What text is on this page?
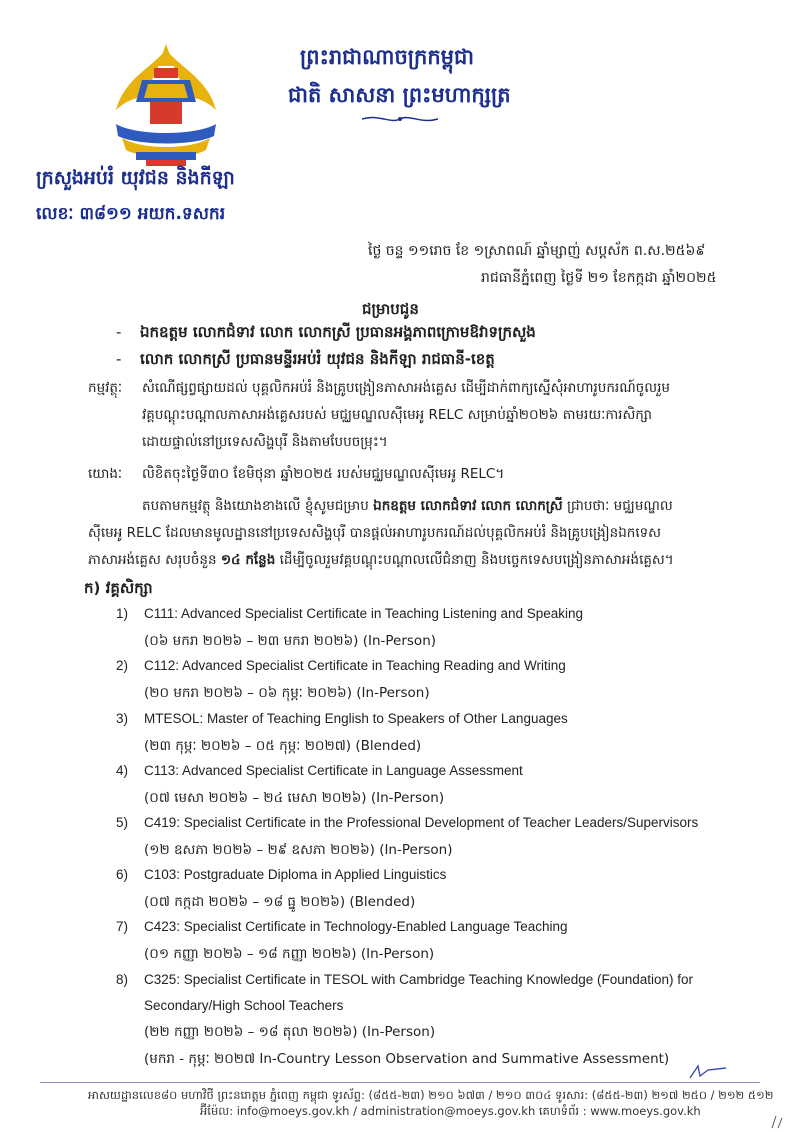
ព្រះរាជាណាចក្រកម្ពុជា
ជាតិ សាសនា ព្រះមហាក្សត្រ
ក្រសួងអប់រំ យុវជន និងកីឡា
លេខៈ ៣៨១១ អយក.ទសករ
ថ្ងៃ ចន្ទ ១១រោច ខែ ១ស្រាពណ៍ ឆ្នាំម្សាញ់ សប្តស័ក ព.ស.២៥៦៩
រាជធានីភ្នំពេញ ថ្ងៃទី ២១ ខែកក្កដា ឆ្នាំ២០២៥
ជម្រាបជូន
- ឯកឧត្តម លោកជំទាវ លោក លោកស្រី ប្រធានអង្គភាពក្រោមឱវាទក្រសួង
- លោក លោកស្រី ប្រធានមន្ទីរអប់រំ យុវជន និងកីឡា រាជធានី-ខេត្ត
កម្មវត្ថុៈ សំណើផ្សព្វផ្សាយដល់ បុគ្គលិកអប់រំ និងគ្រូបង្រៀនភាសាអង់គ្លេស ដើម្បីដាក់ពាក្យស្នើសុំអាហារូបករណ៍ចូលរួម
វគ្គបណ្តុះបណ្តាលភាសាអង់គ្លេសរបស់ មជ្ឈមណ្ឌលស៊ីមេអូ RELC សម្រាប់ឆ្នាំ២០២៦ តាមរយៈការសិក្សា
ដោយផ្ទាល់នៅប្រទេសសិង្ហបុរី និងតាមបែបចម្រុះ។
យោងៈ លិខិតចុះថ្ងៃទី៣០ ខែមិថុនា ឆ្នាំ២០២៥ របស់មជ្ឈមណ្ឌលស៊ីមេអូ RELC។
តបតាមកម្មវត្ថុ និងយោងខាងលើ ខ្ញុំសូមជម្រាប ឯកឧត្តម លោកជំទាវ លោក លោកស្រី ជ្រាបថាៈ មជ្ឈមណ្ឌល
ស៊ីមេអូ RELC ដែលមានមូលដ្ឋាននៅប្រទេសសិង្ហបុរី បានផ្តល់អាហារូបករណ៍ដល់បុគ្គលិកអប់រំ និងគ្រូបង្រៀនឯកទេស
ភាសាអង់គ្លេស សរុបចំនួន ១៤ កន្លែង ដើម្បីចូលរួមវគ្គបណ្តុះបណ្តាលលើជំនាញ និងបច្ចេកទេសបង្រៀនភាសាអង់គ្លេស។
ក) វគ្គសិក្សា
1) C111: Advanced Specialist Certificate in Teaching Listening and Speaking
(០៦ មករា ២០២៦ – ២៣ មករា ២០២៦) (In-Person)
2) C112: Advanced Specialist Certificate in Teaching Reading and Writing
(២០ មករា ២០២៦ – ០៦ កុម្ភៈ ២០២៦) (In-Person)
3) MTESOL: Master of Teaching English to Speakers of Other Languages
(២៣ កុម្ភៈ ២០២៦ – ០៥ កុម្ភៈ ២០២៧) (Blended)
4) C113: Advanced Specialist Certificate in Language Assessment
(០៧ មេសា ២០២៦ – ២៤ មេសា ២០២៦) (In-Person)
5) C419: Specialist Certificate in the Professional Development of Teacher Leaders/Supervisors
(១២ ឧសភា ២០២៦ – ២៩ ឧសភា ២០២៦) (In-Person)
6) C103: Postgraduate Diploma in Applied Linguistics
(០៧ កក្កដា ២០២៦ – ១៨ ធ្នូ ២០២៦) (Blended)
7) C423: Specialist Certificate in Technology-Enabled Language Teaching
(០១ កញ្ញា ២០២៦ – ១៨ កញ្ញា ២០២៦) (In-Person)
8) C325: Specialist Certificate in TESOL with Cambridge Teaching Knowledge (Foundation) for
Secondary/High School Teachers
(២២ កញ្ញា ២០២៦ – ១៨ តុលា ២០២៦) (In-Person)
(មករា - កុម្ភៈ ២០២៧ In-Country Lesson Observation and Summative Assessment)
អាសយដ្ឋានលេខ៨០ មហាវិថី ព្រះនរោត្តម ភ្នំពេញ កម្ពុជា ទូរស័ព្ទ: (៨៥៥-២៣) ២១០ ៦៧៣ / ២១០ ៣០៤ ទូរសារ: (៨៥៥-២៣) ២១៧ ២៥០ / ២១២ ៥១២
អ៊ីម៉ែល: info@moeys.gov.kh / administration@moeys.gov.kh គេហទំព័រ : www.moeys.gov.kh
